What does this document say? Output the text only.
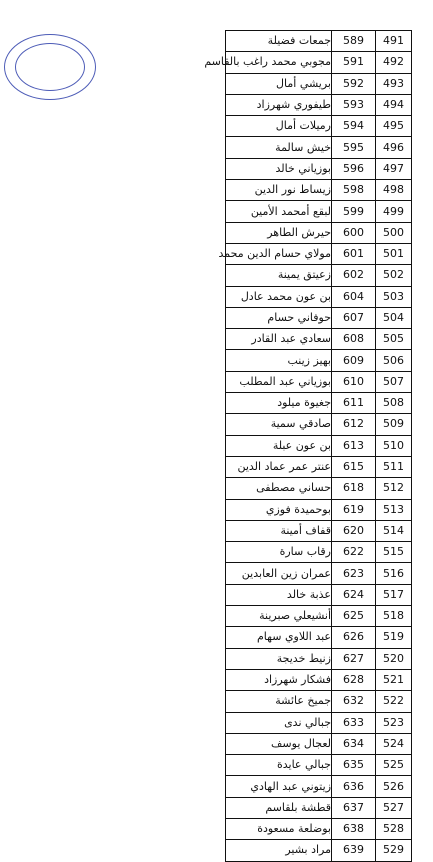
جمعات فضيلة	589	491
مجوبي محمد راغب بالقاسم	591	492
بريشي أمال	592	493
طيفوري شهرزاد	593	494
رميلات أمال	594	495
خيش سالمة	595	496
بوزياني خالد	596	497
زيساط نور الدين	598	498
لبقع أمحمد الأمين	599	499
حيرش الطاهر	600	500
مولاي حسام الدين محمد	601	501
زعيتق يمينة	602	502
بن عون محمد عادل	604	503
حوفاني حسام	607	504
سعادي عبد القادر	608	505
بهيز زينب	609	506
بوزياني عبد المطلب	610	507
جغيوة ميلود	611	508
صادقي سمية	612	509
بن عون عبلة	613	510
عنتر عمر عماد الدين	615	511
حساني مصطفى	618	512
بوحميدة فوزي	619	513
قفاف أمينة	620	514
رقاب سارة	622	515
عمران زين العابدين	623	516
عذبة خالد	624	517
أنشيعلي صبرينة	625	518
عبد اللاوي سهام	626	519
زنيط خديجة	627	520
فشكار شهرزاد	628	521
جميخ عائشة	632	522
جبالي ندى	633	523
لعجال يوسف	634	524
جبالي عايدة	635	525
زيتوني عبد الهادي	636	526
قطشة بلقاسم	637	527
بوضلعة مسعودة	638	528
مراد بشير	639	529
